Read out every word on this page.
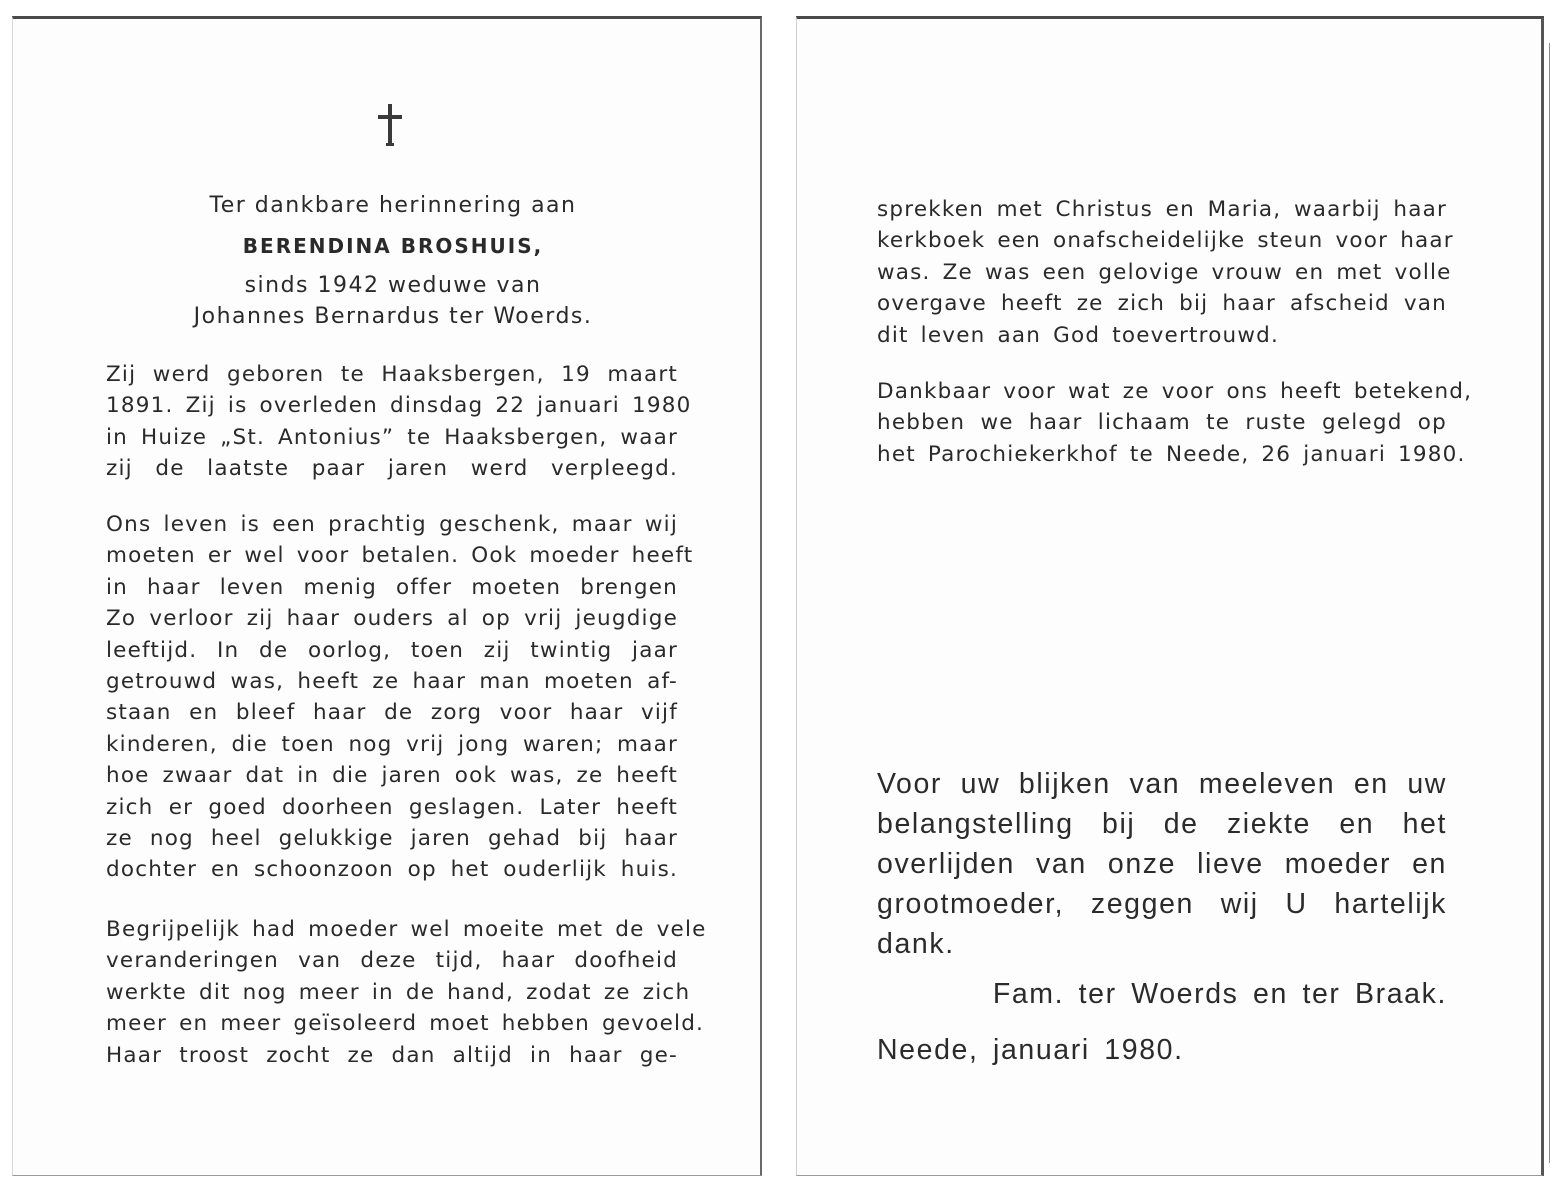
Ter dankbare herinnering aan
BERENDINA BROSHUIS,
sinds 1942 weduwe van
Johannes Bernardus ter Woerds.
Zij werd geboren te Haaksbergen, 19 maart
1891. Zij is overleden dinsdag 22 januari 1980
in Huize „St. Antonius” te Haaksbergen, waar
zij de laatste paar jaren werd verpleegd.
Ons leven is een prachtig geschenk, maar wij
moeten er wel voor betalen. Ook moeder heeft
in haar leven menig offer moeten brengen
Zo verloor zij haar ouders al op vrij jeugdige
leeftijd. In de oorlog, toen zij twintig jaar
getrouwd was, heeft ze haar man moeten af-
staan en bleef haar de zorg voor haar vijf
kinderen, die toen nog vrij jong waren; maar
hoe zwaar dat in die jaren ook was, ze heeft
zich er goed doorheen geslagen. Later heeft
ze nog heel gelukkige jaren gehad bij haar
dochter en schoonzoon op het ouderlijk huis.
Begrijpelijk had moeder wel moeite met de vele
veranderingen van deze tijd, haar doofheid
werkte dit nog meer in de hand, zodat ze zich
meer en meer geïsoleerd moet hebben gevoeld.
Haar troost zocht ze dan altijd in haar ge-
sprekken met Christus en Maria, waarbij haar
kerkboek een onafscheidelijke steun voor haar
was. Ze was een gelovige vrouw en met volle
overgave heeft ze zich bij haar afscheid van
dit leven aan God toevertrouwd.
Dankbaar voor wat ze voor ons heeft betekend,
hebben we haar lichaam te ruste gelegd op
het Parochiekerkhof te Neede, 26 januari 1980.
Voor uw blijken van meeleven en uw
belangstelling bij de ziekte en het
overlijden van onze lieve moeder en
grootmoeder, zeggen wij U hartelijk
dank.
Fam. ter Woerds en ter Braak.
Neede, januari 1980.
